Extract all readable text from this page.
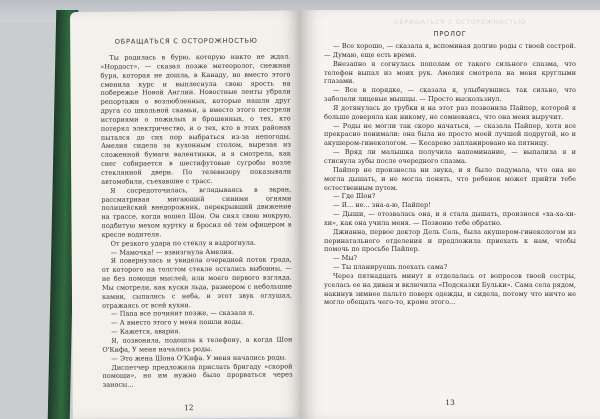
ОБРАЩАТЬСЯ С ОСТОРОЖНОСТЬЮ

Ты родилась в бурю, которую никто не ждал. «Нордост», — сказал позже метеоролог, снежная буря, которая не дошла, в Канаду, но вместо этого сменила курс и выплеснула свою ярость на побережье Новой Англии. Новостные ленты убрали репортажи о возлюбленных, которые нашли друг друга со школьной скамьи, а вместо этого пестрели историями о пожилых и брошенных, о тех, кто потерял электричество, и о тех, кто в этих районах пытался до сих пор выбраться из-за непогоды. Амелия сидела за кухонным столом, вырезая из сложенной бумаги валентинки, и я смотрела, как снег собирается в шестифутовые сугробы возле стеклянной двери. По телевизору показывали автомобили, съехавшие с трасс.

Я сосредоточилась, вглядываясь в экран, рассматривая мигающий синими огнями полицейский внедорожник, перекрывший движение на трассе, когда вошел Шон. Он снял свою мокрую, подбитую мехом куртку и бросил её тем офицером в кресле водителя.

От резкого удара по стеклу я вздрогнула.

— Мамочка! — взвизгнула Амелия.

Я повернулась и увидела очередной поток града, от которого на толстом стекле остались выбоины, — не без помощи мыслей, или моего первого взгляда. Мы смотрели, как куски льда, размером с небольшие камни, сыпались с неба, и этот звук оглушал, отражаясь от всей кухни.

— Папа все починит позже, — сказала я.

— А вместо этого у меня пошли воды.

— Кажется, авария.

Я, позвонила, подошла к телефону, а когда Шон О'Кифа, У меня начались роды.

— Это жена Шона О'Кифа. У меня начались роды.

Диспетчер предложила прислать бригаду «скорой помощи», но им нужно было прорваться через заносы...

12
ОБРАЩАТЬСЯ С ОСТОРОЖНОСТЬЮ
ПРОЛОГ

— Все хорошо, — сказала я, вспоминая долгие роды с твоей сестрой. — Думаю, еще есть время.

Внезапно я согнулась пополам от такого сильного спазма, что телефон выпал из моих рук. Амелия смотрела на меня круглыми глазами.

— Все в порядке, — сказала я, улыбнувшись так сильно, что заболели лицевые мышцы. — Просто выскользнул.

Я дотянулась до трубки и на этот раз позвонила Пайпер, которой я больше доверяла как никому, не сомневаясь, что она меня выручит.

— Роды не могли так скоро начаться, — сказала Пайпер, хотя все прекрасно понимали: она была не просто моей лучшей подругой, но и акушером-гинекологом. — Кесарево запланировано на пятницу.

— Вряд ли малышка получила напоминание, — выпалила я и стиснула зубы после очередного спазма.

Пайпер не произнесла ни звука, и я было подумала, что она не могла дышать, и не могла понять, что ребенок может прийти тебе естественным путем.

— Где Шон?

— Я... не... зна-а-ю, Пайпер!

— Дыши, — отозвалась она, и я стала дышать, произнося «ха-ха-хи-хи», как она учила меня. — Позвоню тебе обратно.

Джианна, первое доктор Дель Соль, была акушером-гинекологом из перинатального отделения и предложила приехать к нам, чтобы помочь по просьбе Пайпер.

— Мы?

— Ты планируешь поехать сама?

Через пятнадцать минут я отделалась от вопросов твоей сестры, уселась ее на диван и включила «Подсказки Бульки». Сама села рядом, накинув зимнее пальто поверх одежды, и сидела, потому что ничто не могло обещать чего-то, кроме этого...

13
